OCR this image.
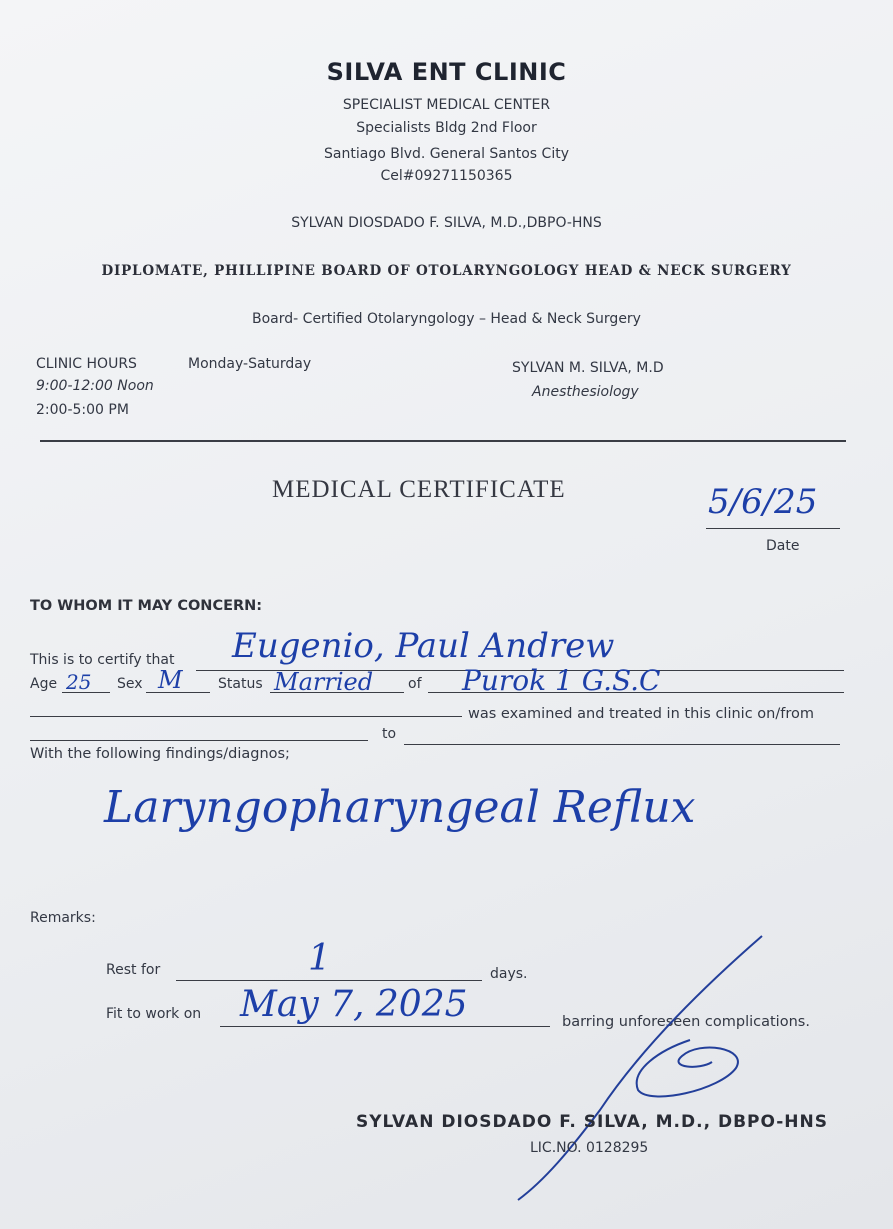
SILVA ENT CLINIC
SPECIALIST MEDICAL CENTER
Specialists Bldg 2nd Floor
Santiago Blvd. General Santos City
Cel#09271150365
SYLVAN DIOSDADO F. SILVA, M.D.,DBPO-HNS
DIPLOMATE, PHILLIPINE BOARD OF OTOLARYNGOLOGY HEAD & NECK SURGERY
Board- Certified Otolaryngology – Head & Neck Surgery
CLINIC HOURS	Monday-Saturday
9:00-12:00 Noon
2:00-5:00 PM
SYLVAN M. SILVA, M.D
Anesthesiology
MEDICAL CERTIFICATE	5/6/25
Date
TO WHOM IT MAY CONCERN:
This is to certify that Eugenio, Paul Andrew
Age 25 Sex M	Status Married of Purok 1 G.S.C
was examined and treated in this clinic on/from
to
With the following findings/diagnos;
Laryngopharyngeal Reflux
Remarks:
Rest for	1	days.
Fit to work on May 7, 2025	barring unforeseen complications.
SYLVAN DIOSDADO F. SILVA, M.D., DBPO-HNS
LIC.NO. 0128295
